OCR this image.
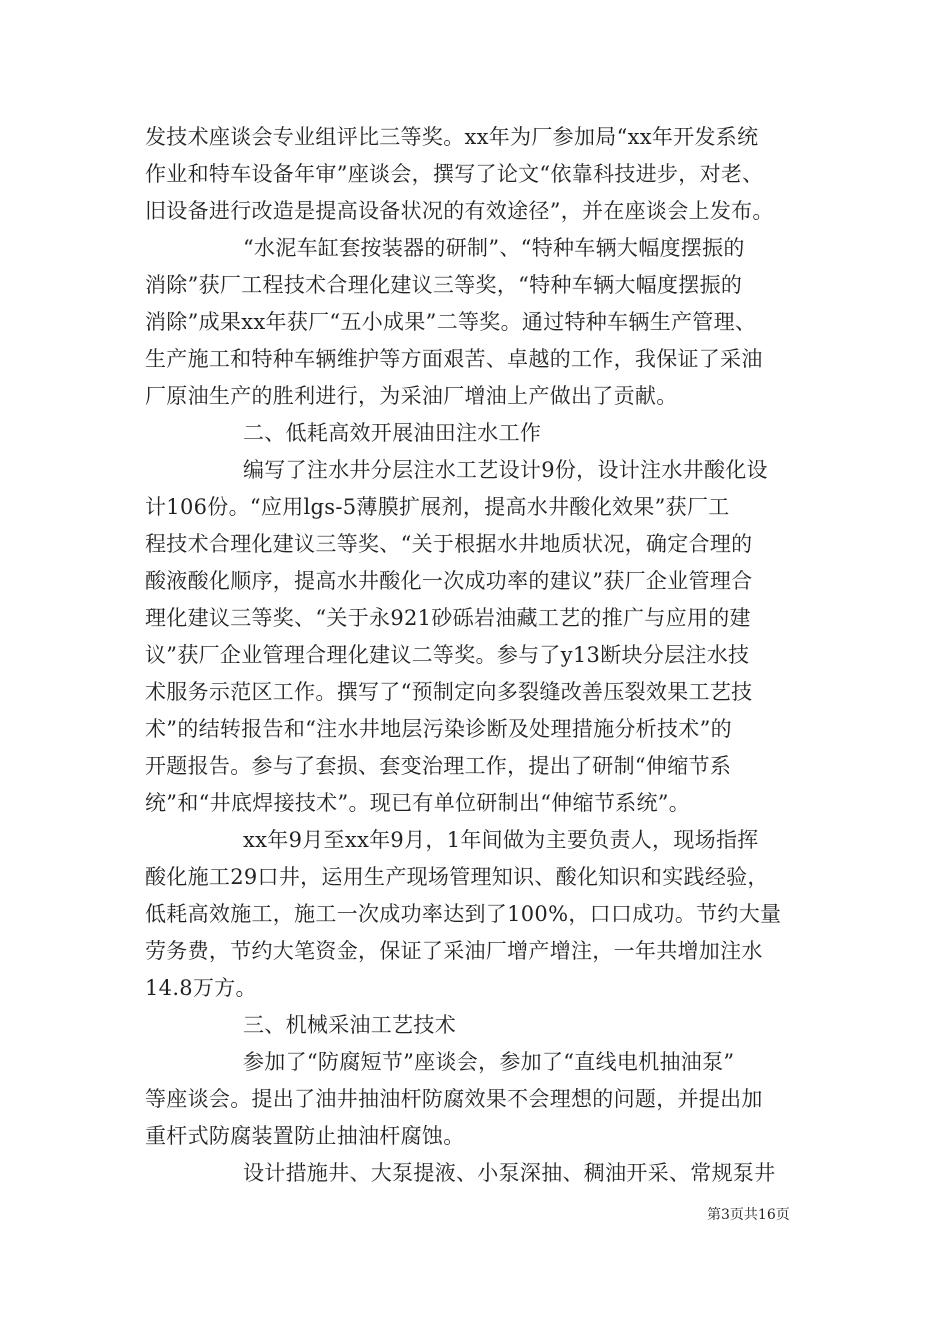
发技术座谈会专业组评比三等奖。xx年为厂参加局“xx年开发系统
作业和特车设备年审”座谈会，撰写了论文“依靠科技进步，对老、
旧设备进行改造是提高设备状况的有效途径”，并在座谈会上发布。
“水泥车缸套按装器的研制”、“特种车辆大幅度摆振的
消除”获厂工程技术合理化建议三等奖，“特种车辆大幅度摆振的
消除”成果xx年获厂“五小成果”二等奖。通过特种车辆生产管理、
生产施工和特种车辆维护等方面艰苦、卓越的工作，我保证了采油
厂原油生产的胜利进行，为采油厂增油上产做出了贡献。
二、低耗高效开展油田注水工作
编写了注水井分层注水工艺设计9份，设计注水井酸化设
计106份。“应用lgs-5薄膜扩展剂，提高水井酸化效果”获厂工
程技术合理化建议三等奖、“关于根据水井地质状况，确定合理的
酸液酸化顺序，提高水井酸化一次成功率的建议”获厂企业管理合
理化建议三等奖、“关于永921砂砾岩油藏工艺的推广与应用的建
议”获厂企业管理合理化建议二等奖。参与了y13断块分层注水技
术服务示范区工作。撰写了“预制定向多裂缝改善压裂效果工艺技
术”的结转报告和“注水井地层污染诊断及处理措施分析技术”的
开题报告。参与了套损、套变治理工作，提出了研制“伸缩节系
统”和“井底焊接技术”。现已有单位研制出“伸缩节系统”。
xx年9月至xx年9月，1年间做为主要负责人，现场指挥
酸化施工29口井，运用生产现场管理知识、酸化知识和实践经验，
低耗高效施工，施工一次成功率达到了100%，口口成功。节约大量
劳务费，节约大笔资金，保证了采油厂增产增注，一年共增加注水
14.8万方。
三、机械采油工艺技术
参加了“防腐短节”座谈会，参加了“直线电机抽油泵”
等座谈会。提出了油井抽油杆防腐效果不会理想的问题，并提出加
重杆式防腐装置防止抽油杆腐蚀。
设计措施井、大泵提液、小泵深抽、稠油开采、常规泵井
第3页共16页
